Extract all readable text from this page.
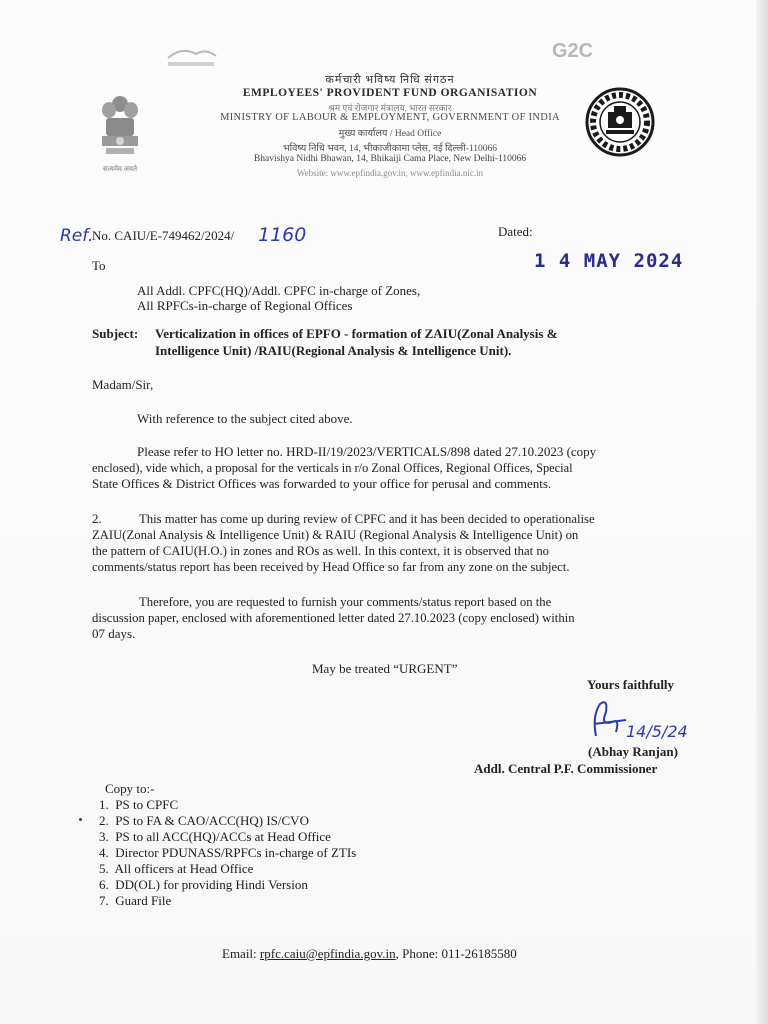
G2C
सत्यमेव जयते
कर्मचारी भविष्य निधि संगठन
EMPLOYEES' PROVIDENT FUND ORGANISATION
श्रम एवं रोजगार मंत्रालय, भारत सरकार
MINISTRY OF LABOUR & EMPLOYMENT, GOVERNMENT OF INDIA
मुख्य कार्यालय / Head Office
भविष्य निधि भवन, 14, भीकाजीकामा प्लेस, नई दिल्ली-110066
Bhavishya Nidhi Bhawan, 14, Bhikaiji Cama Place, New Delhi-110066
Website: www.epfindia.gov.in, www.epfindia.nic.in
Ref.
No. CAIU/E-749462/2024/ 1160	Dated:
1 4 MAY 2024
To
All Addl. CPFC(HQ)/Addl. CPFC in-charge of Zones,
All RPFCs-in-charge of Regional Offices
Subject: Verticalization in offices of EPFO - formation of ZAIU(Zonal Analysis &
Intelligence Unit) /RAIU(Regional Analysis & Intelligence Unit).
Madam/Sir,
With reference to the subject cited above.
Please refer to HO letter no. HRD-II/19/2023/VERTICALS/898 dated 27.10.2023 (copy
enclosed), vide which, a proposal for the verticals in r/o Zonal Offices, Regional Offices, Special
State Offices & District Offices was forwarded to your office for perusal and comments.
2.	This matter has come up during review of CPFC and it has been decided to operationalise
ZAIU(Zonal Analysis & Intelligence Unit) & RAIU (Regional Analysis & Intelligence Unit) on
the pattern of CAIU(H.O.) in zones and ROs as well. In this context, it is observed that no
comments/status report has been received by Head Office so far from any zone on the subject.
Therefore, you are requested to furnish your comments/status report based on the
discussion paper, enclosed with aforementioned letter dated 27.10.2023 (copy enclosed) within
07 days.
May be treated “URGENT”
Yours faithfully
14/5/24
(Abhay Ranjan)
Addl. Central P.F. Commissioner
Copy to:-
1.  PS to CPFC
2.  PS to FA & CAO/ACC(HQ) IS/CVO
3.  PS to all ACC(HQ)/ACCs at Head Office
4.  Director PDUNASS/RPFCs in-charge of ZTIs
5.  All officers at Head Office
6.  DD(OL) for providing Hindi Version
7.  Guard File
Email: rpfc.caiu@epfindia.gov.in, Phone: 011-26185580
